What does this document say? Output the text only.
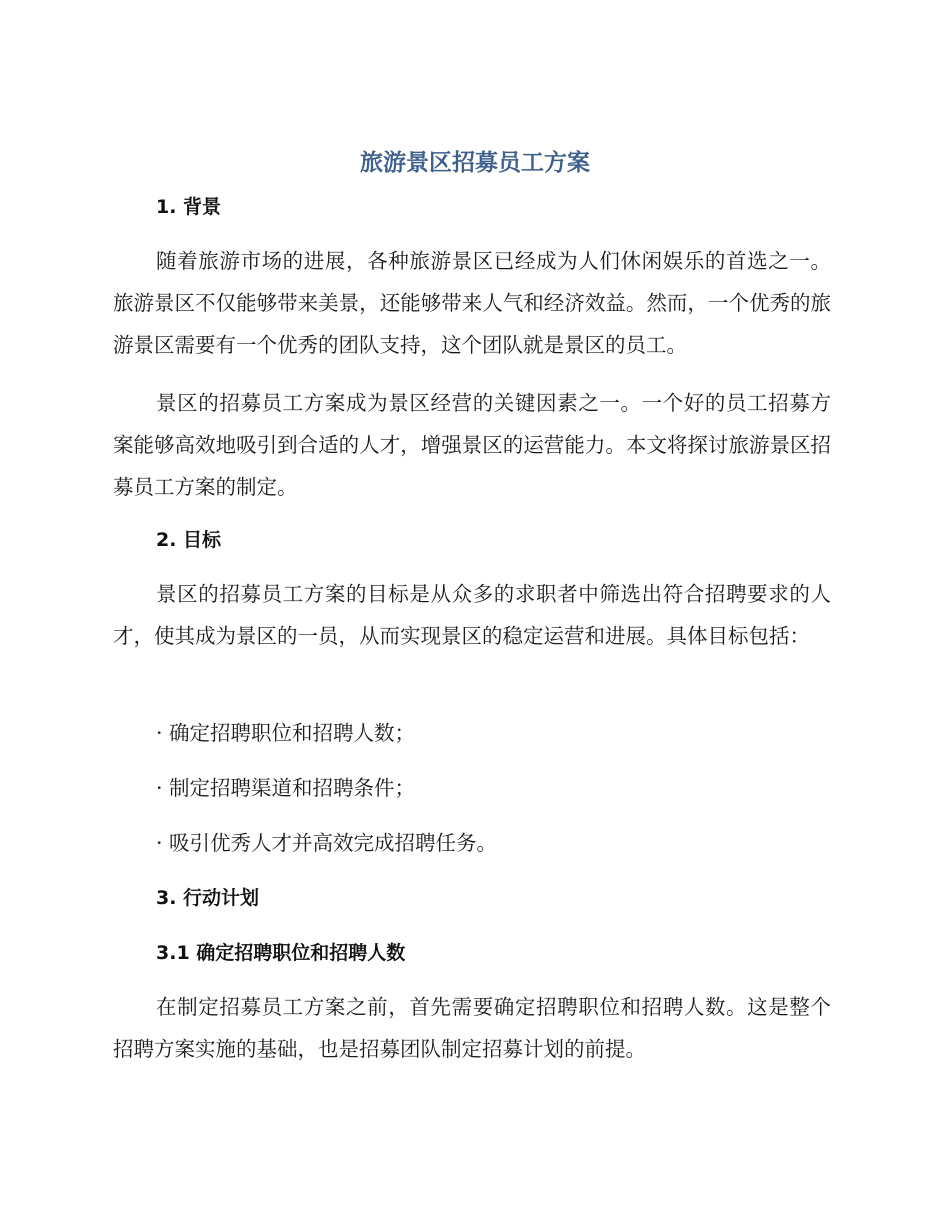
旅游景区招募员工方案
1. 背景

随着旅游市场的进展，各种旅游景区已经成为人们休闲娱乐的首选之一。旅游景区不仅能够带来美景，还能够带来人气和经济效益。然而，一个优秀的旅游景区需要有一个优秀的团队支持，这个团队就是景区的员工。

景区的招募员工方案成为景区经营的关键因素之一。一个好的员工招募方案能够高效地吸引到合适的人才，增强景区的运营能力。本文将探讨旅游景区招募员工方案的制定。

2. 目标

景区的招募员工方案的目标是从众多的求职者中筛选出符合招聘要求的人才，使其成为景区的一员，从而实现景区的稳定运营和进展。具体目标包括：

· 确定招聘职位和招聘人数；
· 制定招聘渠道和招聘条件；
· 吸引优秀人才并高效完成招聘任务。
3. 行动计划
3.1 确定招聘职位和招聘人数

在制定招募员工方案之前，首先需要确定招聘职位和招聘人数。这是整个招聘方案实施的基础，也是招募团队制定招募计划的前提。
